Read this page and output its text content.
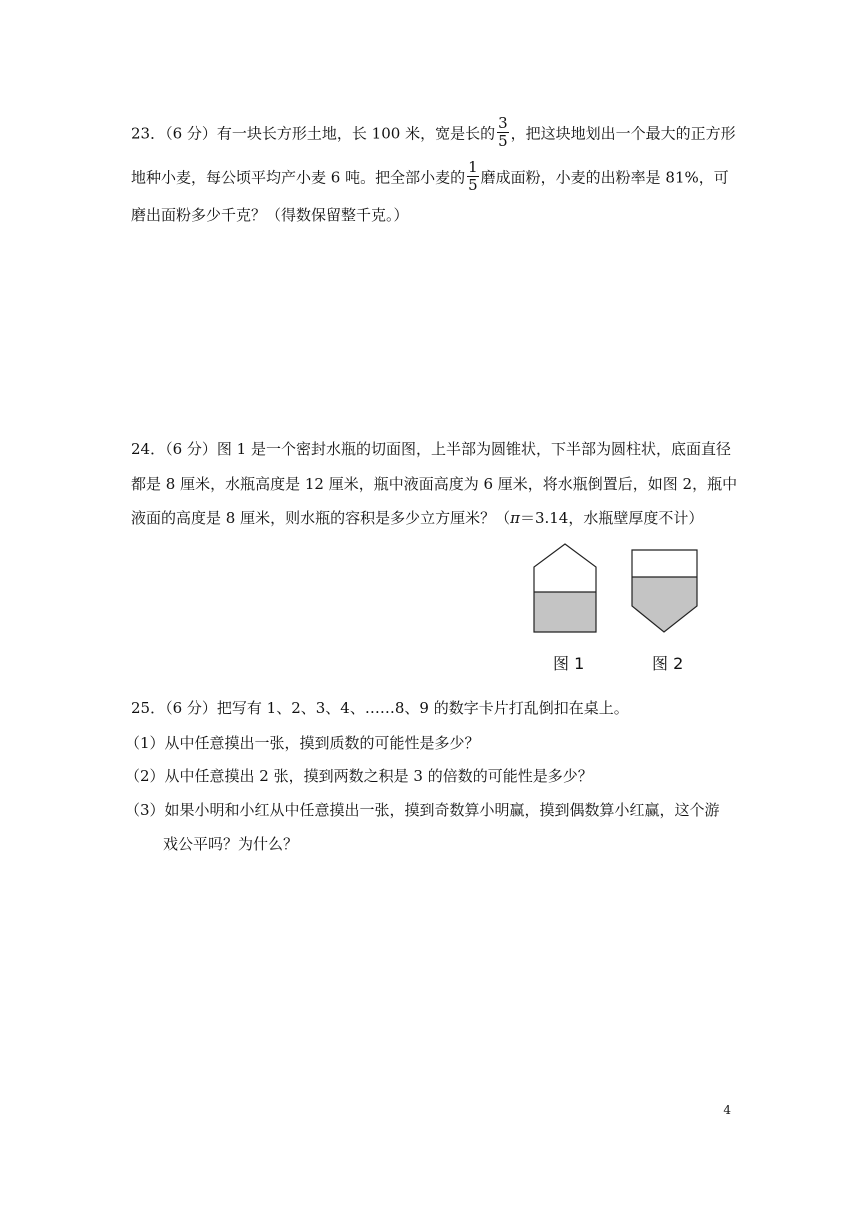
23．（6 分）有一块长方形土地，长 100 米，宽是长的 $\frac{3}{5}$ ，把这块地划出一个最大的正方形
地种小麦，每公顷平均产小麦 6 吨。把全部小麦的 $\frac{1}{5}$ 磨成面粉，小麦的出粉率是 81%，可
磨出面粉多少千克？（得数保留整千克。）
24．（6 分）图 1 是一个密封水瓶的切面图，上半部为圆锥状，下半部为圆柱状，底面直径
都是 8 厘米，水瓶高度是 12 厘米，瓶中液面高度为 6 厘米，将水瓶倒置后，如图 2，瓶中
液面的高度是 8 厘米，则水瓶的容积是多少立方厘米？（π＝3.14，水瓶壁厚度不计）
图 1	图 2
25．（6 分）把写有 1、2、3、4、……8、9 的数字卡片打乱倒扣在桌上。
（1）从中任意摸出一张，摸到质数的可能性是多少？
（2）从中任意摸出 2 张，摸到两数之积是 3 的倍数的可能性是多少？
（3）如果小明和小红从中任意摸出一张，摸到奇数算小明赢，摸到偶数算小红赢，这个游
戏公平吗？为什么？
4
